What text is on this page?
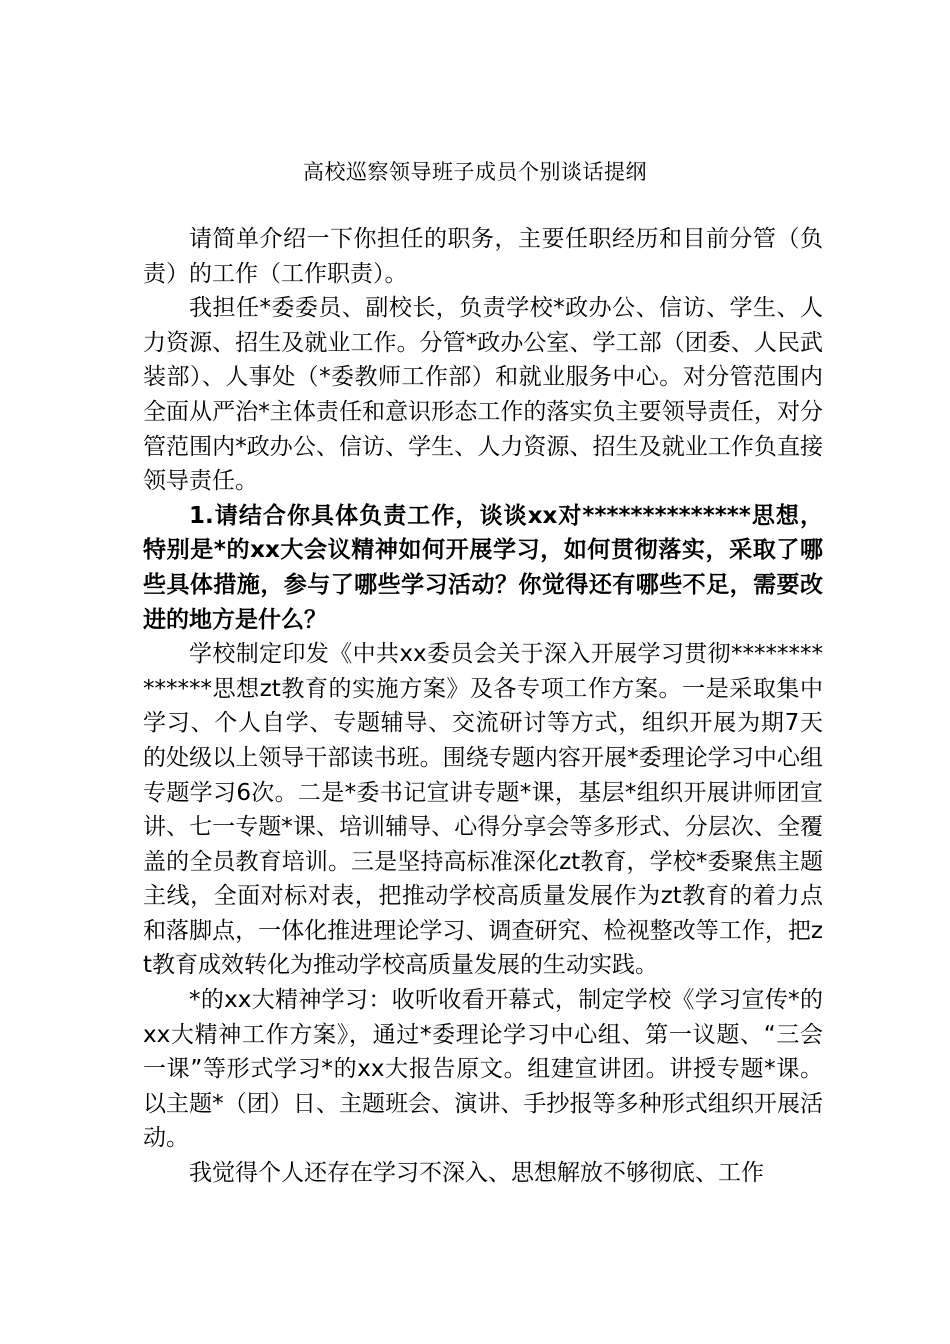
高校巡察领导班子成员个别谈话提纲

请简单介绍一下你担任的职务，主要任职经历和目前分管（负责）的工作（工作职责）。

我担任*委委员、副校长，负责学校*政办公、信访、学生、人力资源、招生及就业工作。分管*政办公室、学工部（团委、人民武装部）、人事处（*委教师工作部）和就业服务中心。对分管范围内全面从严治*主体责任和意识形态工作的落实负主要领导责任，对分管范围内*政办公、信访、学生、人力资源、招生及就业工作负直接领导责任。

1.请结合你具体负责工作，谈谈xx对**************思想，特别是*的xx大会议精神如何开展学习，如何贯彻落实，采取了哪些具体措施，参与了哪些学习活动？你觉得还有哪些不足，需要改进的地方是什么？

学校制定印发《中共xx委员会关于深入开展学习贯彻**************思想zt教育的实施方案》及各专项工作方案。一是采取集中学习、个人自学、专题辅导、交流研讨等方式，组织开展为期7天的处级以上领导干部读书班。围绕专题内容开展*委理论学习中心组专题学习6次。二是*委书记宣讲专题*课，基层*组织开展讲师团宣讲、七一专题*课、培训辅导、心得分享会等多形式、分层次、全覆盖的全员教育培训。三是坚持高标准深化zt教育，学校*委聚焦主题主线，全面对标对表，把推动学校高质量发展作为zt教育的着力点和落脚点，一体化推进理论学习、调查研究、检视整改等工作，把zt教育成效转化为推动学校高质量发展的生动实践。

*的xx大精神学习：收听收看开幕式，制定学校《学习宣传*的xx大精神工作方案》，通过*委理论学习中心组、第一议题、“三会一课”等形式学习*的xx大报告原文。组建宣讲团。讲授专题*课。以主题*（团）日、主题班会、演讲、手抄报等多种形式组织开展活动。

我觉得个人还存在学习不深入、思想解放不够彻底、工作
